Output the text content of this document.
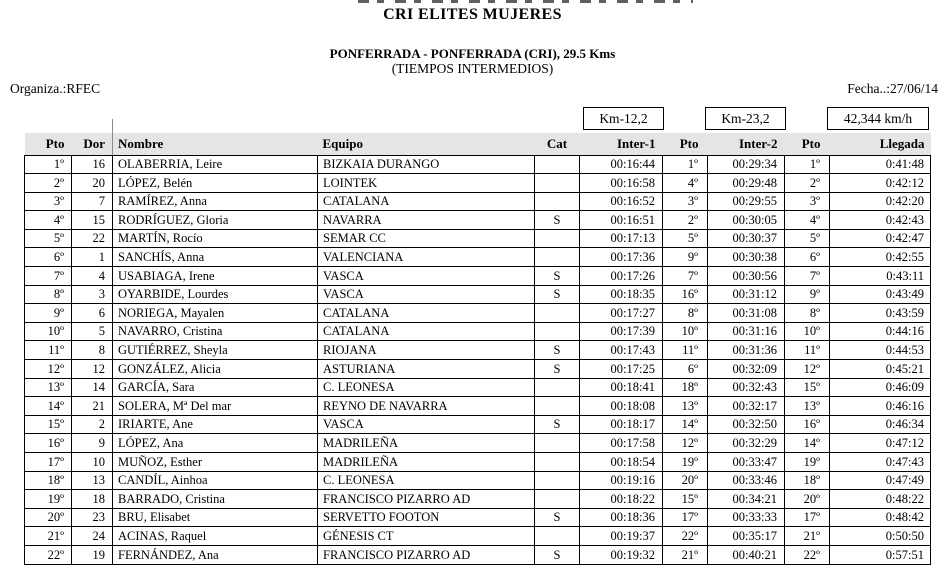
CRI ELITES MUJERES
PONFERRADA - PONFERRADA (CRI), 29.5 Kms
(TIEMPOS INTERMEDIOS)
Organiza.:RFEC	Fecha..:27/06/14
Km-12,2	Km-23,2	42,344 km/h
Pto	Dor	Nombre	Equipo	Cat	Inter-1	Pto	Inter-2	Pto	Llegada
1º	16	OLABERRIA, Leire	BIZKAIA DURANGO		00:16:44	1º	00:29:34	1º	0:41:48
2º	20	LÓPEZ, Belén	LOINTEK		00:16:58	4º	00:29:48	2º	0:42:12
3º	7	RAMÍREZ, Anna	CATALANA		00:16:52	3º	00:29:55	3º	0:42:20
4º	15	RODRÍGUEZ, Gloria	NAVARRA	S	00:16:51	2º	00:30:05	4º	0:42:43
5º	22	MARTÍN, Rocío	SEMAR CC		00:17:13	5º	00:30:37	5º	0:42:47
6º	1	SANCHÍS, Anna	VALENCIANA		00:17:36	9º	00:30:38	6º	0:42:55
7º	4	USABIAGA, Irene	VASCA	S	00:17:26	7º	00:30:56	7º	0:43:11
8º	3	OYARBIDE, Lourdes	VASCA	S	00:18:35	16º	00:31:12	9º	0:43:49
9º	6	NORIEGA, Mayalen	CATALANA		00:17:27	8º	00:31:08	8º	0:43:59
10º	5	NAVARRO, Cristina	CATALANA		00:17:39	10º	00:31:16	10º	0:44:16
11º	8	GUTIÉRREZ, Sheyla	RIOJANA	S	00:17:43	11º	00:31:36	11º	0:44:53
12º	12	GONZÁLEZ, Alicia	ASTURIANA	S	00:17:25	6º	00:32:09	12º	0:45:21
13º	14	GARCÍA, Sara	C. LEONESA		00:18:41	18º	00:32:43	15º	0:46:09
14º	21	SOLERA, Mª Del mar	REYNO DE NAVARRA		00:18:08	13º	00:32:17	13º	0:46:16
15º	2	IRIARTE, Ane	VASCA	S	00:18:17	14º	00:32:50	16º	0:46:34
16º	9	LÓPEZ, Ana	MADRILEÑA		00:17:58	12º	00:32:29	14º	0:47:12
17º	10	MUÑOZ, Esther	MADRILEÑA		00:18:54	19º	00:33:47	19º	0:47:43
18º	13	CANDÍL, Ainhoa	C. LEONESA		00:19:16	20º	00:33:46	18º	0:47:49
19º	18	BARRADO, Cristina	FRANCISCO PIZARRO AD		00:18:22	15º	00:34:21	20º	0:48:22
20º	23	BRU, Elisabet	SERVETTO FOOTON	S	00:18:36	17º	00:33:33	17º	0:48:42
21º	24	ACINAS, Raquel	GÉNESIS CT		00:19:37	22º	00:35:17	21º	0:50:50
22º	19	FERNÁNDEZ, Ana	FRANCISCO PIZARRO AD	S	00:19:32	21º	00:40:21	22º	0:57:51
